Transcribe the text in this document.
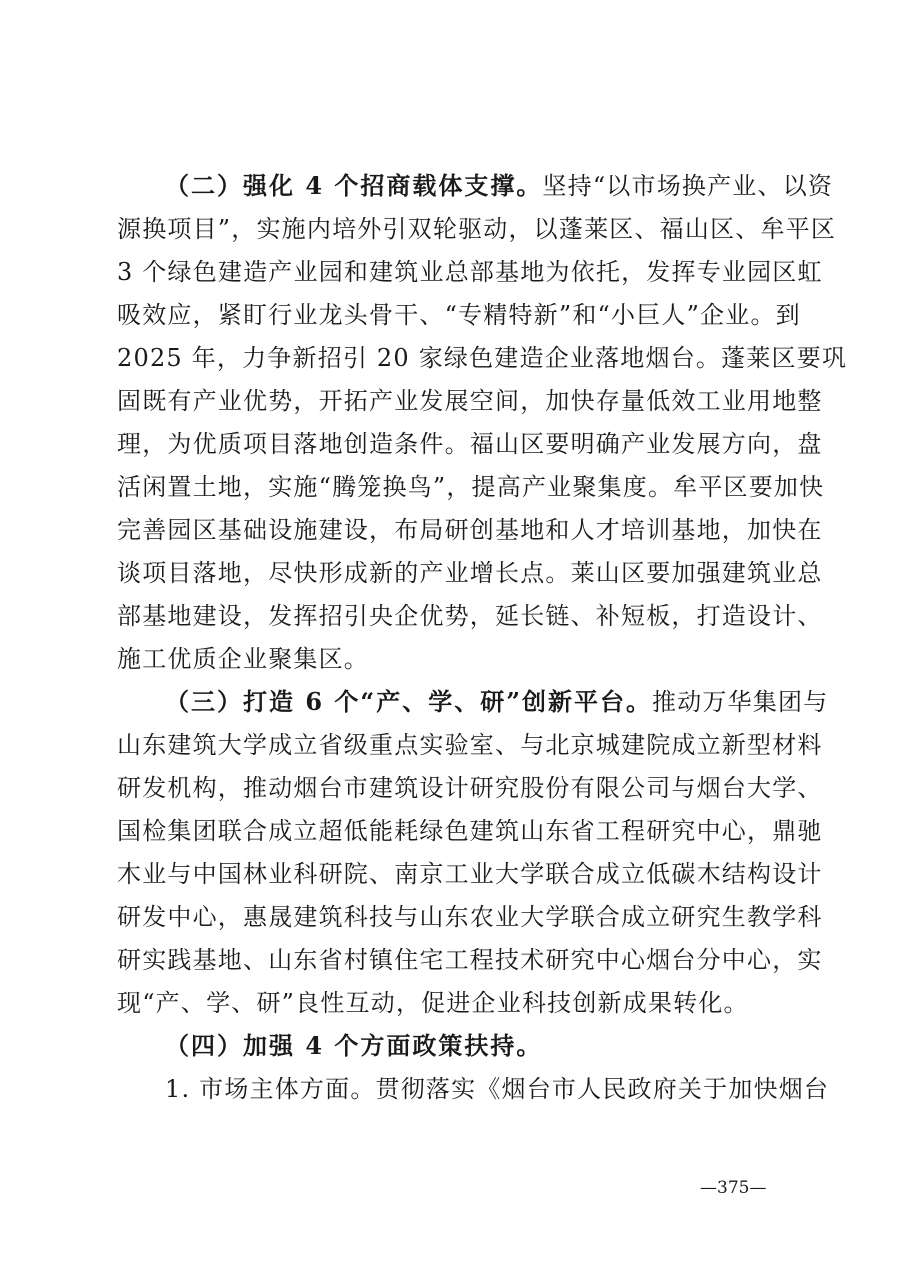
（二）强化 4 个招商载体支撑。坚持“以市场换产业、以资
源换项目”，实施内培外引双轮驱动，以蓬莱区、福山区、牟平区
3 个绿色建造产业园和建筑业总部基地为依托，发挥专业园区虹
吸效应，紧盯行业龙头骨干、“专精特新”和“小巨人”企业。到
2025 年，力争新招引 20 家绿色建造企业落地烟台。蓬莱区要巩
固既有产业优势，开拓产业发展空间，加快存量低效工业用地整
理，为优质项目落地创造条件。福山区要明确产业发展方向，盘
活闲置土地，实施“腾笼换鸟”，提高产业聚集度。牟平区要加快
完善园区基础设施建设，布局研创基地和人才培训基地，加快在
谈项目落地，尽快形成新的产业增长点。莱山区要加强建筑业总
部基地建设，发挥招引央企优势，延长链、补短板，打造设计、
施工优质企业聚集区。
（三）打造 6 个“产、学、研”创新平台。推动万华集团与
山东建筑大学成立省级重点实验室、与北京城建院成立新型材料
研发机构，推动烟台市建筑设计研究股份有限公司与烟台大学、
国检集团联合成立超低能耗绿色建筑山东省工程研究中心，鼎驰
木业与中国林业科研院、南京工业大学联合成立低碳木结构设计
研发中心，惠晟建筑科技与山东农业大学联合成立研究生教学科
研实践基地、山东省村镇住宅工程技术研究中心烟台分中心，实
现“产、学、研”良性互动，促进企业科技创新成果转化。
（四）加强 4 个方面政策扶持。
1. 市场主体方面。贯彻落实《烟台市人民政府关于加快烟台
—375—
